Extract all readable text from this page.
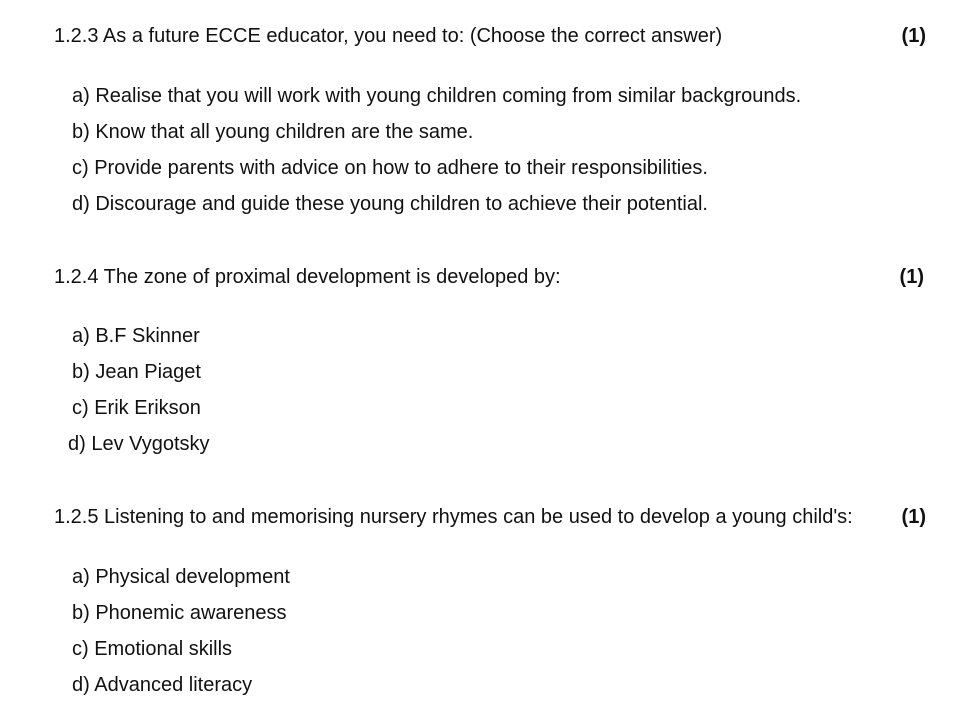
1.2.3 As a future ECCE educator, you need to: (Choose the correct answer)	(1)
a) Realise that you will work with young children coming from similar backgrounds.
b) Know that all young children are the same.
c) Provide parents with advice on how to adhere to their responsibilities.
d) Discourage and guide these young children to achieve their potential.
1.2.4 The zone of proximal development is developed by:	(1)
a) B.F Skinner
b) Jean Piaget
c) Erik Erikson
d) Lev Vygotsky
1.2.5 Listening to and memorising nursery rhymes can be used to develop a young child's: (1)
a) Physical development
b) Phonemic awareness
c) Emotional skills
d) Advanced literacy
